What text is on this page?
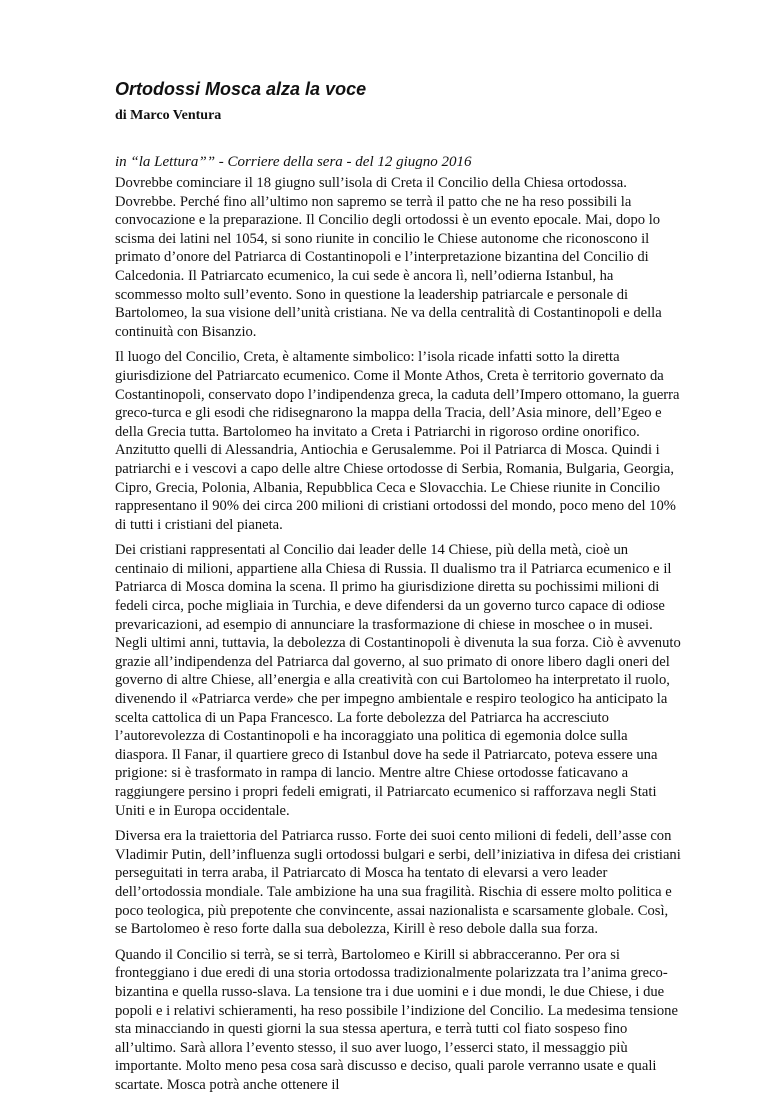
Ortodossi Mosca alza la voce
di Marco Ventura
in “la Lettura”” - Corriere della sera - del 12 giugno 2016

Dovrebbe cominciare il 18 giugno sull’isola di Creta il Concilio della Chiesa ortodossa. Dovrebbe. Perché fino all’ultimo non sapremo se terrà il patto che ne ha reso possibili la convocazione e la preparazione. Il Concilio degli ortodossi è un evento epocale. Mai, dopo lo scisma dei latini nel 1054, si sono riunite in concilio le Chiese autonome che riconoscono il primato d’onore del Patriarca di Costantinopoli e l’interpretazione bizantina del Concilio di Calcedonia. Il Patriarcato ecumenico, la cui sede è ancora lì, nell’odierna Istanbul, ha scommesso molto sull’evento. Sono in questione la leadership patriarcale e personale di Bartolomeo, la sua visione dell’unità cristiana. Ne va della centralità di Costantinopoli e della continuità con Bisanzio.

Il luogo del Concilio, Creta, è altamente simbolico: l’isola ricade infatti sotto la diretta giurisdizione del Patriarcato ecumenico. Come il Monte Athos, Creta è territorio governato da Costantinopoli, conservato dopo l’indipendenza greca, la caduta dell’Impero ottomano, la guerra greco-turca e gli esodi che ridisegnarono la mappa della Tracia, dell’Asia minore, dell’Egeo e della Grecia tutta. Bartolomeo ha invitato a Creta i Patriarchi in rigoroso ordine onorifico. Anzitutto quelli di Alessandria, Antiochia e Gerusalemme. Poi il Patriarca di Mosca. Quindi i patriarchi e i vescovi a capo delle altre Chiese ortodosse di Serbia, Romania, Bulgaria, Georgia, Cipro, Grecia, Polonia, Albania, Repubblica Ceca e Slovacchia. Le Chiese riunite in Concilio rappresentano il 90% dei circa 200 milioni di cristiani ortodossi del mondo, poco meno del 10% di tutti i cristiani del pianeta.

Dei cristiani rappresentati al Concilio dai leader delle 14 Chiese, più della metà, cioè un centinaio di milioni, appartiene alla Chiesa di Russia. Il dualismo tra il Patriarca ecumenico e il Patriarca di Mosca domina la scena. Il primo ha giurisdizione diretta su pochissimi milioni di fedeli circa, poche migliaia in Turchia, e deve difendersi da un governo turco capace di odiose prevaricazioni, ad esempio di annunciare la trasformazione di chiese in moschee o in musei. Negli ultimi anni, tuttavia, la debolezza di Costantinopoli è divenuta la sua forza. Ciò è avvenuto grazie all’indipendenza del Patriarca dal governo, al suo primato di onore libero dagli oneri del governo di altre Chiese, all’energia e alla creatività con cui Bartolomeo ha interpretato il ruolo, divenendo il «Patriarca verde» che per impegno ambientale e respiro teologico ha anticipato la scelta cattolica di un Papa Francesco. La forte debolezza del Patriarca ha accresciuto l’autorevolezza di Costantinopoli e ha incoraggiato una politica di egemonia dolce sulla diaspora. Il Fanar, il quartiere greco di Istanbul dove ha sede il Patriarcato, poteva essere una prigione: si è trasformato in rampa di lancio. Mentre altre Chiese ortodosse faticavano a raggiungere persino i propri fedeli emigrati, il Patriarcato ecumenico si rafforzava negli Stati Uniti e in Europa occidentale.

Diversa era la traiettoria del Patriarca russo. Forte dei suoi cento milioni di fedeli, dell’asse con Vladimir Putin, dell’influenza sugli ortodossi bulgari e serbi, dell’iniziativa in difesa dei cristiani perseguitati in terra araba, il Patriarcato di Mosca ha tentato di elevarsi a vero leader dell’ortodossia mondiale. Tale ambizione ha una sua fragilità. Rischia di essere molto politica e poco teologica, più prepotente che convincente, assai nazionalista e scarsamente globale. Così, se Bartolomeo è reso forte dalla sua debolezza, Kirill è reso debole dalla sua forza.

Quando il Concilio si terrà, se si terrà, Bartolomeo e Kirill si abbracceranno. Per ora si fronteggiano i due eredi di una storia ortodossa tradizionalmente polarizzata tra l’anima greco-bizantina e quella russo-slava. La tensione tra i due uomini e i due mondi, le due Chiese, i due popoli e i relativi schieramenti, ha reso possibile l’indizione del Concilio. La medesima tensione sta minacciando in questi giorni la sua stessa apertura, e terrà tutti col fiato sospeso fino all’ultimo. Sarà allora l’evento stesso, il suo aver luogo, l’esserci stato, il messaggio più importante. Molto meno pesa cosa sarà discusso e deciso, quali parole verranno usate e quali scartate. Mosca potrà anche ottenere il
